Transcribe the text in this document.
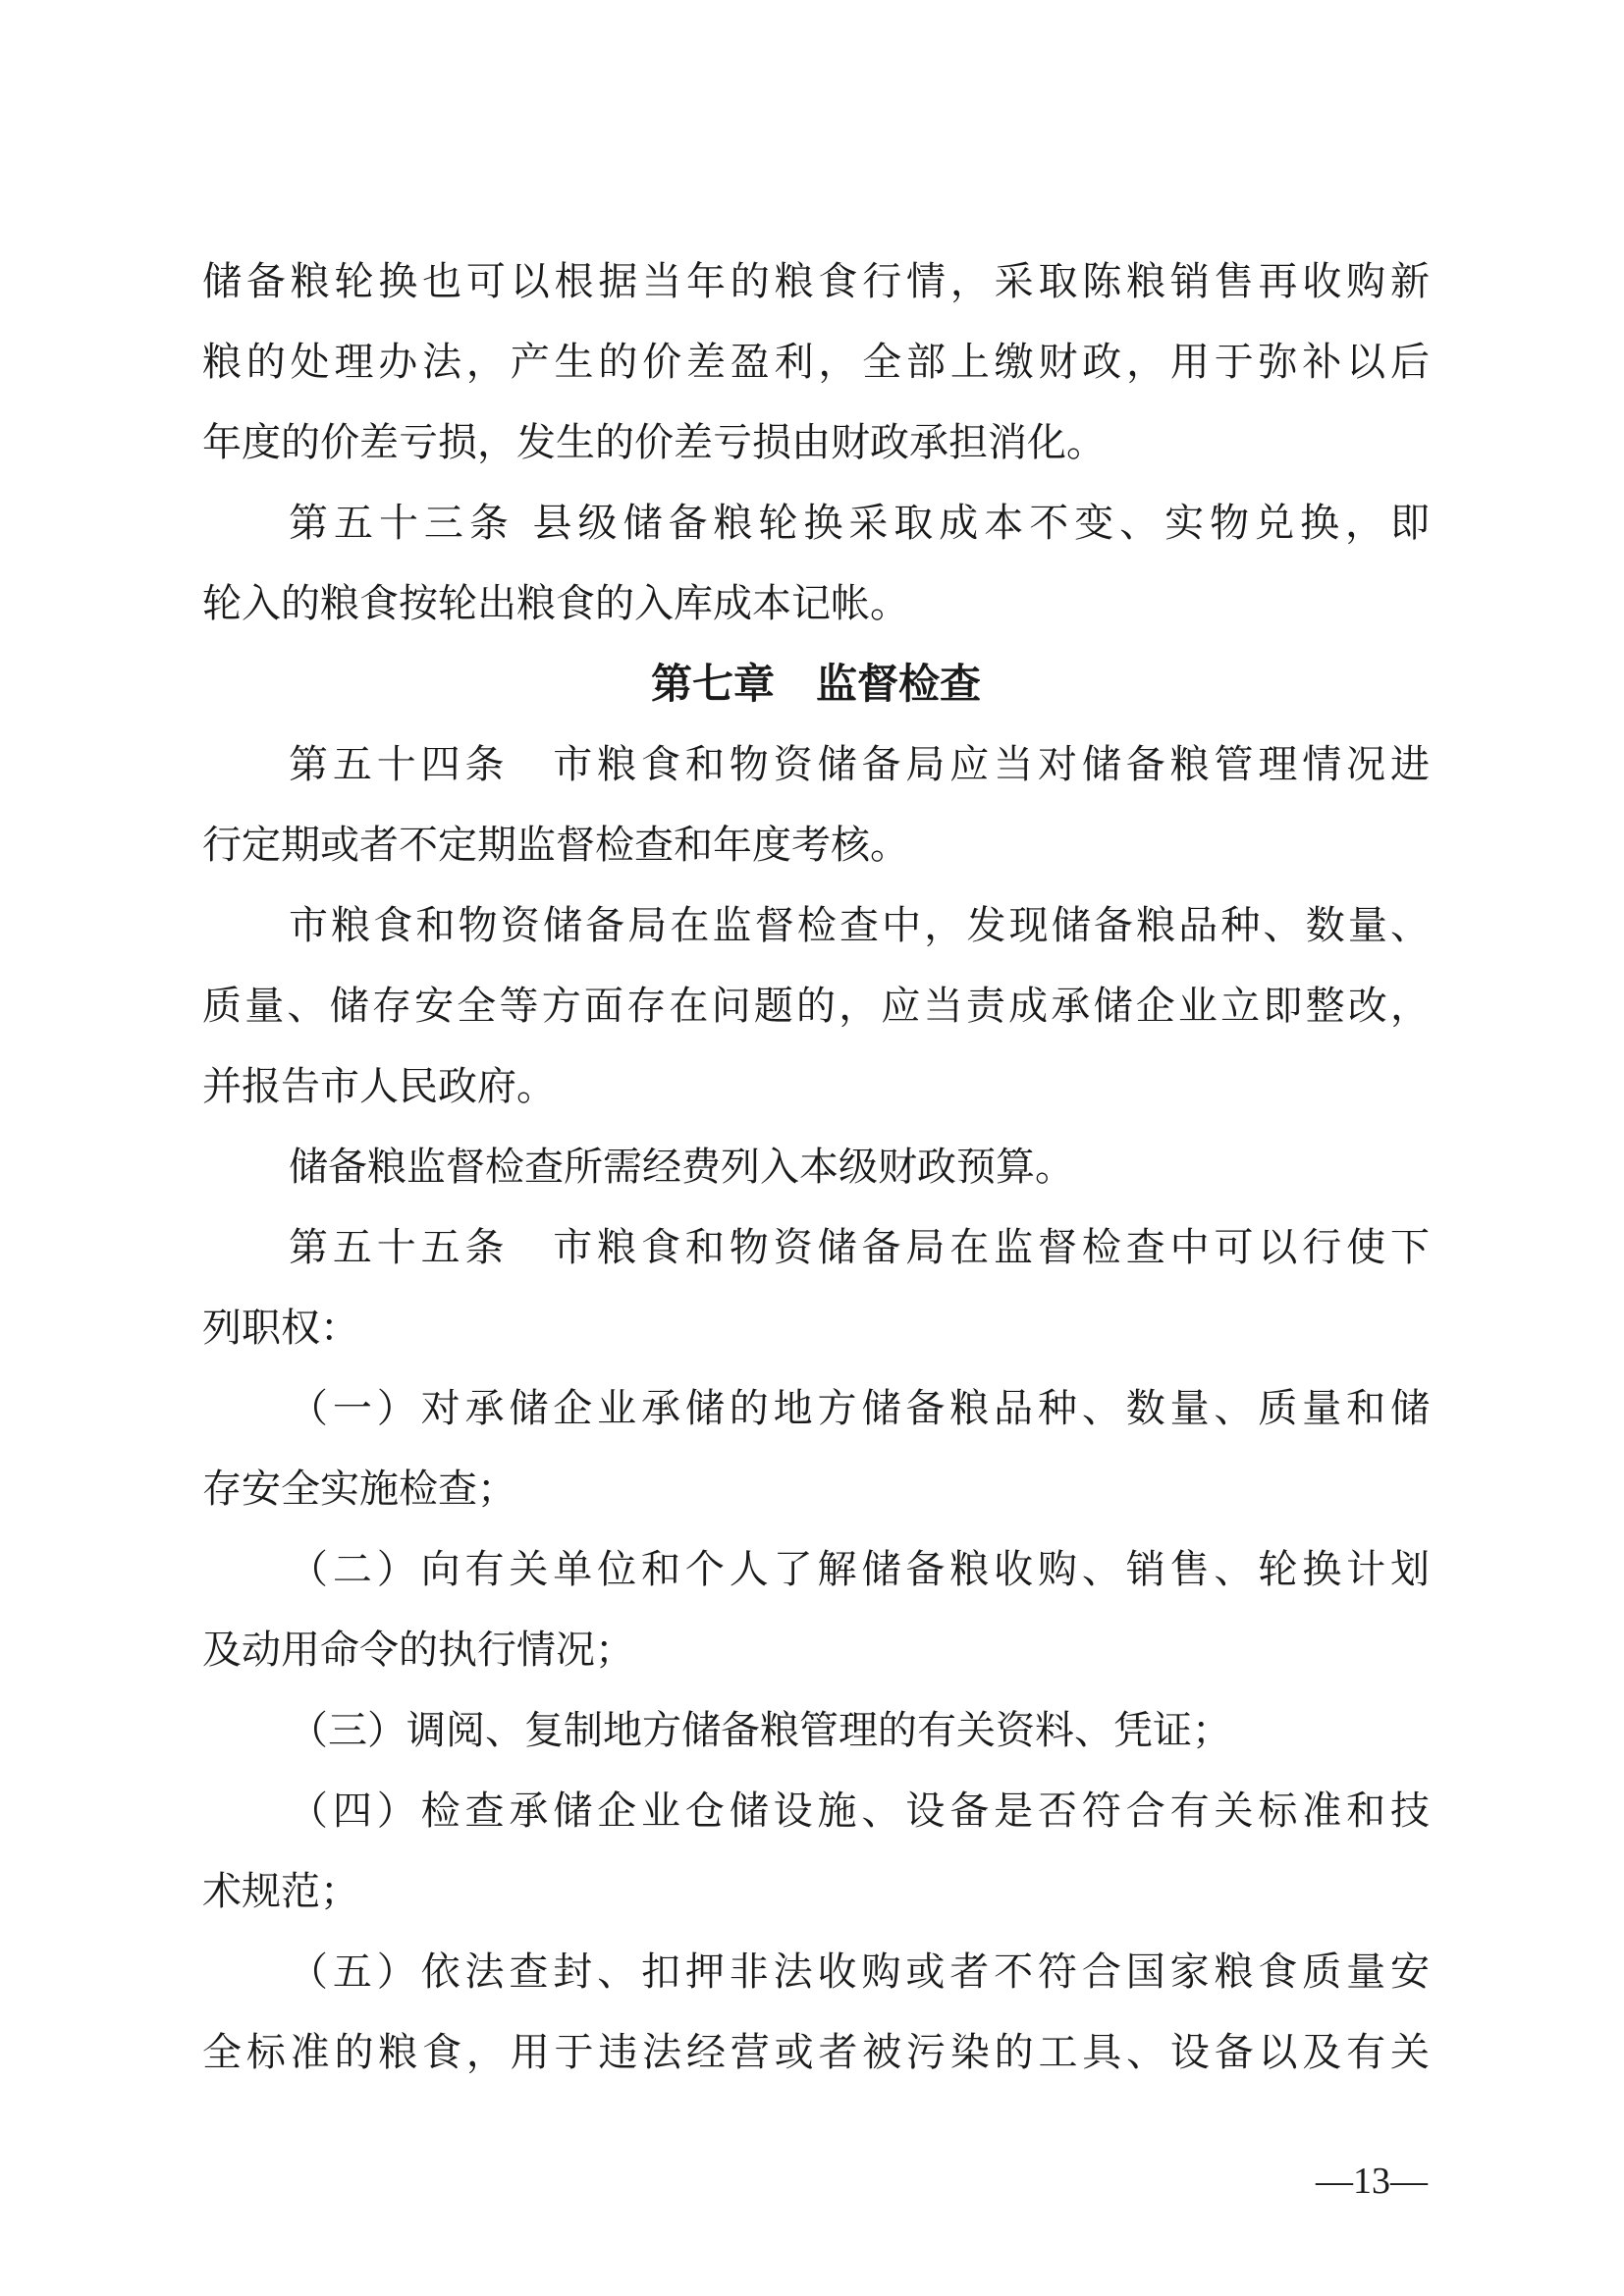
储备粮轮换也可以根据当年的粮食行情，采取陈粮销售再收购新
粮的处理办法，产生的价差盈利，全部上缴财政，用于弥补以后
年度的价差亏损，发生的价差亏损由财政承担消化。
第五十三条 县级储备粮轮换采取成本不变、实物兑换，即
轮入的粮食按轮出粮食的入库成本记帐。
第七章　监督检查
第五十四条　市粮食和物资储备局应当对储备粮管理情况进
行定期或者不定期监督检查和年度考核。
市粮食和物资储备局在监督检查中，发现储备粮品种、数量、
质量、储存安全等方面存在问题的，应当责成承储企业立即整改，
并报告市人民政府。
储备粮监督检查所需经费列入本级财政预算。
第五十五条　市粮食和物资储备局在监督检查中可以行使下
列职权：
（一）对承储企业承储的地方储备粮品种、数量、质量和储
存安全实施检查；
（二）向有关单位和个人了解储备粮收购、销售、轮换计划
及动用命令的执行情况；
（三）调阅、复制地方储备粮管理的有关资料、凭证；
（四）检查承储企业仓储设施、设备是否符合有关标准和技
术规范；
（五）依法查封、扣押非法收购或者不符合国家粮食质量安
全标准的粮食，用于违法经营或者被污染的工具、设备以及有关
—13—
